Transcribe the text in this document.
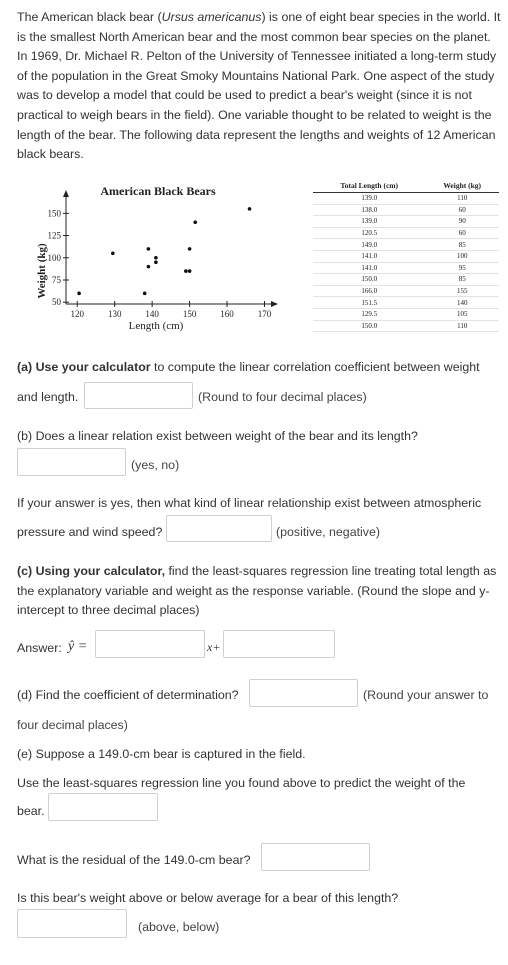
The American black bear (Ursus americanus) is one of eight bear species in the world. It is the smallest North American bear and the most common bear species on the planet. In 1969, Dr. Michael R. Pelton of the University of Tennessee initiated a long-term study of the population in the Great Smoky Mountains National Park. One aspect of the study was to develop a model that could be used to predict a bear's weight (since it is not practical to weigh bears in the field). One variable thought to be related to weight is the length of the bear. The following data represent the lengths and weights of 12 American black bears.

American Black Bears
Weight (kg)
Length (cm)
120	130	140	150	160	170
50
75
100
125
150
Total Length (cm)	Weight (kg)
139.0	110
138.0	60
139.0	90
120.5	60
149.0	85
141.0	100
141.0	95
150.0	85
166.0	155
151.5	140
129.5	105
150.0	110
(a) Use your calculator to compute the linear correlation coefficient between weight
and length.	(Round to four decimal places)
(b) Does a linear relation exist between weight of the bear and its length?
(yes, no)
If your answer is yes, then what kind of linear relationship exist between atmospheric
pressure and wind speed?	(positive, negative)
(c) Using your calculator, find the least-squares regression line treating total length as the explanatory variable and weight as the response variable. (Round the slope and y-intercept to three decimal places)
Answer: ŷ =	x+
(d) Find the coefficient of determination?	(Round your answer to
four decimal places)
(e) Suppose a 149.0-cm bear is captured in the field.
Use the least-squares regression line you found above to predict the weight of the
bear.
What is the residual of the 149.0-cm bear?
Is this bear's weight above or below average for a bear of this length?
(above, below)
